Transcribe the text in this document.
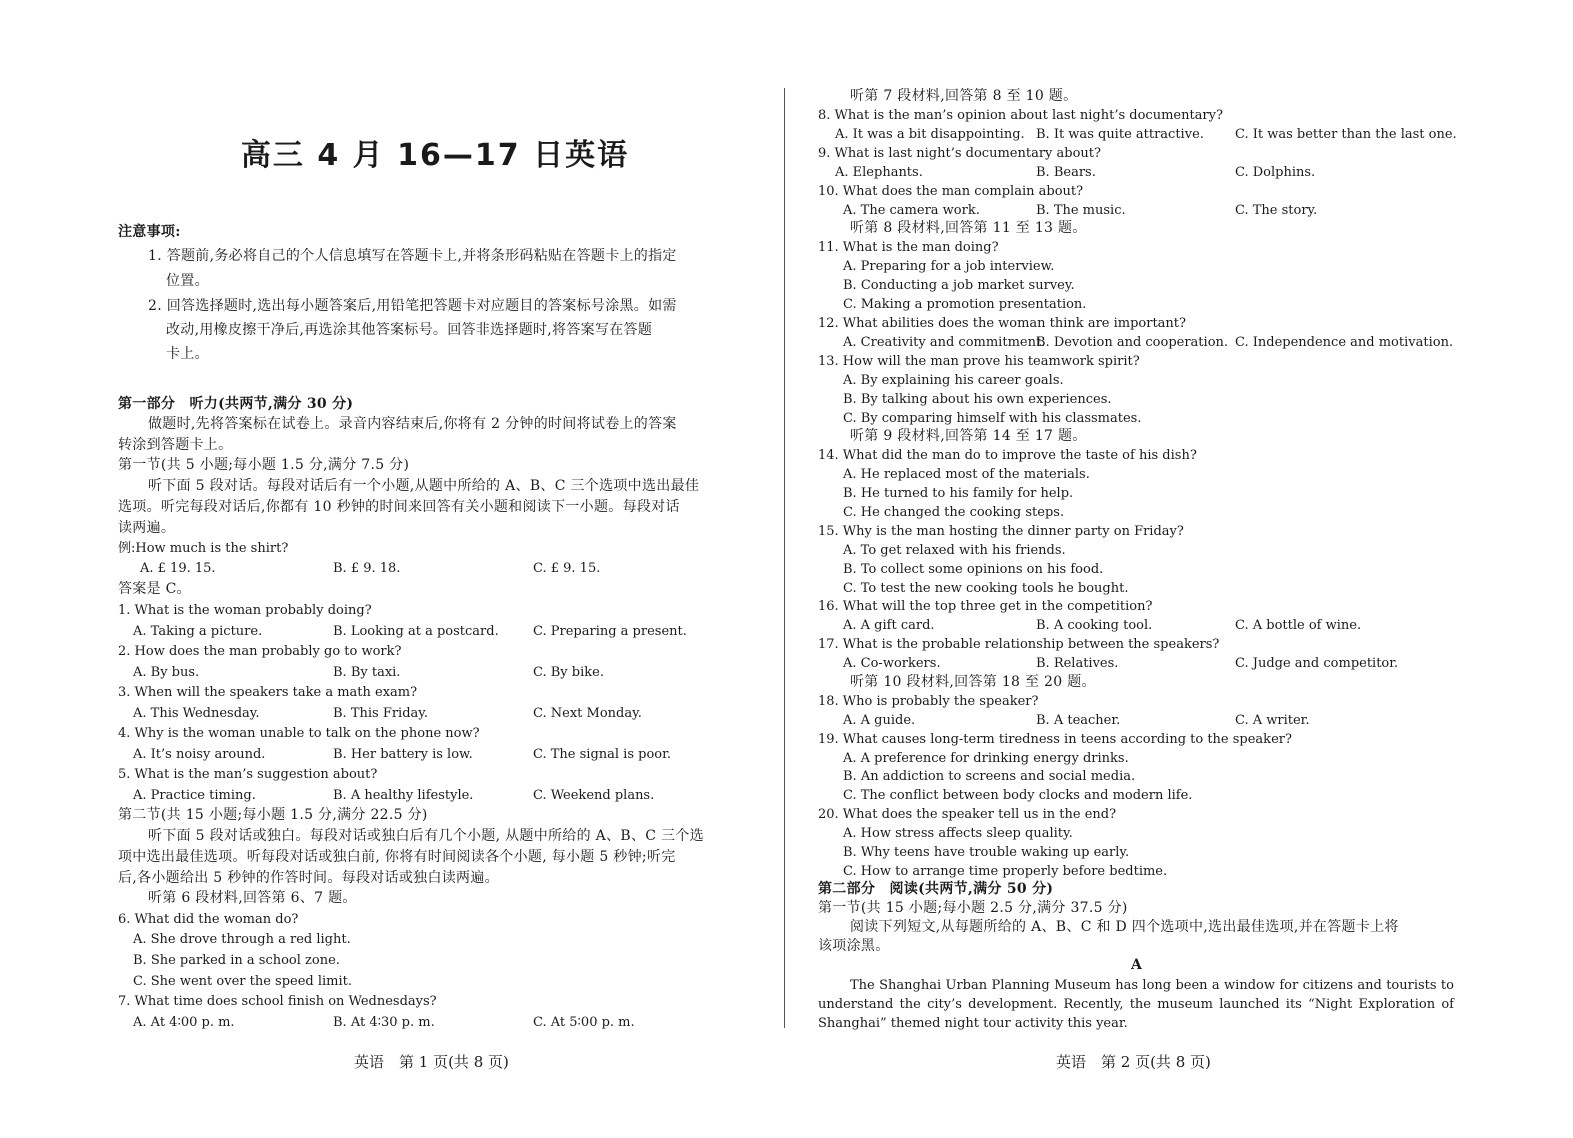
高三 4 月 16—17 日英语
注意事项:
1. 答题前,务必将自己的个人信息填写在答题卡上,并将条形码粘贴在答题卡上的指定
位置。
2. 回答选择题时,选出每小题答案后,用铅笔把答题卡对应题目的答案标号涂黑。如需
改动,用橡皮擦干净后,再选涂其他答案标号。回答非选择题时,将答案写在答题
卡上。
第一部分　听力(共两节,满分 30 分)
做题时,先将答案标在试卷上。录音内容结束后,你将有 2 分钟的时间将试卷上的答案
转涂到答题卡上。
第一节(共 5 小题;每小题 1.5 分,满分 7.5 分)
听下面 5 段对话。每段对话后有一个小题,从题中所给的 A、B、C 三个选项中选出最佳
选项。听完每段对话后,你都有 10 秒钟的时间来回答有关小题和阅读下一小题。每段对话
读两遍。
例:How much is the shirt?
A. £ 19. 15.	B. £ 9. 18.	C. £ 9. 15.
答案是 C。
1. What is the woman probably doing?
A. Taking a picture.	B. Looking at a postcard.	C. Preparing a present.
2. How does the man probably go to work?
A. By bus.	B. By taxi.	C. By bike.
3. When will the speakers take a math exam?
A. This Wednesday.	B. This Friday.	C. Next Monday.
4. Why is the woman unable to talk on the phone now?
A. It’s noisy around.	B. Her battery is low.	C. The signal is poor.
5. What is the man’s suggestion about?
A. Practice timing.	B. A healthy lifestyle.	C. Weekend plans.
第二节(共 15 小题;每小题 1.5 分,满分 22.5 分)
听下面 5 段对话或独白。每段对话或独白后有几个小题, 从题中所给的 A、B、C 三个选
项中选出最佳选项。听每段对话或独白前, 你将有时间阅读各个小题, 每小题 5 秒钟;听完
后,各小题给出 5 秒钟的作答时间。每段对话或独白读两遍。
听第 6 段材料,回答第 6、7 题。
6. What did the woman do?
A. She drove through a red light.
B. She parked in a school zone.
C. She went over the speed limit.
7. What time does school finish on Wednesdays?
A. At 4∶00 p. m.	B. At 4∶30 p. m.	C. At 5∶00 p. m.
听第 7 段材料,回答第 8 至 10 题。
8. What is the man’s opinion about last night’s documentary?
A. It was a bit disappointing. B. It was quite attractive. C. It was better than the last one.
9. What is last night’s documentary about?
A. Elephants.	B. Bears.	C. Dolphins.
10. What does the man complain about?
A. The camera work.	B. The music.	C. The story.
听第 8 段材料,回答第 11 至 13 题。
11. What is the man doing?
A. Preparing for a job interview.
B. Conducting a job market survey.
C. Making a promotion presentation.
12. What abilities does the woman think are important?
A. Creativity and commitment.
B. Devotion and cooperation. C. Independence and motivation.
13. How will the man prove his teamwork spirit?
A. By explaining his career goals.
B. By talking about his own experiences.
C. By comparing himself with his classmates.
听第 9 段材料,回答第 14 至 17 题。
14. What did the man do to improve the taste of his dish?
A. He replaced most of the materials.
B. He turned to his family for help.
C. He changed the cooking steps.
15. Why is the man hosting the dinner party on Friday?
A. To get relaxed with his friends.
B. To collect some opinions on his food.
C. To test the new cooking tools he bought.
16. What will the top three get in the competition?
A. A gift card.	B. A cooking tool.	C. A bottle of wine.
17. What is the probable relationship between the speakers?
A. Co-workers.	B. Relatives.	C. Judge and competitor.
听第 10 段材料,回答第 18 至 20 题。
18. Who is probably the speaker?
A. A guide.	B. A teacher.	C. A writer.
19. What causes long-term tiredness in teens according to the speaker?
A. A preference for drinking energy drinks.
B. An addiction to screens and social media.
C. The conflict between body clocks and modern life.
20. What does the speaker tell us in the end?
A. How stress affects sleep quality.
B. Why teens have trouble waking up early.
C. How to arrange time properly before bedtime.
第二部分　阅读(共两节,满分 50 分)
第一节(共 15 小题;每小题 2.5 分,满分 37.5 分)
阅读下列短文,从每题所给的 A、B、C 和 D 四个选项中,选出最佳选项,并在答题卡上将
该项涂黑。
A
The Shanghai Urban Planning Museum has long been a window for citizens and tourists to understand the city’s development. Recently, the museum launched its “Night Exploration of Shanghai” themed night tour activity this year.
英语　第 1 页(共 8 页)	英语　第 2 页(共 8 页)
